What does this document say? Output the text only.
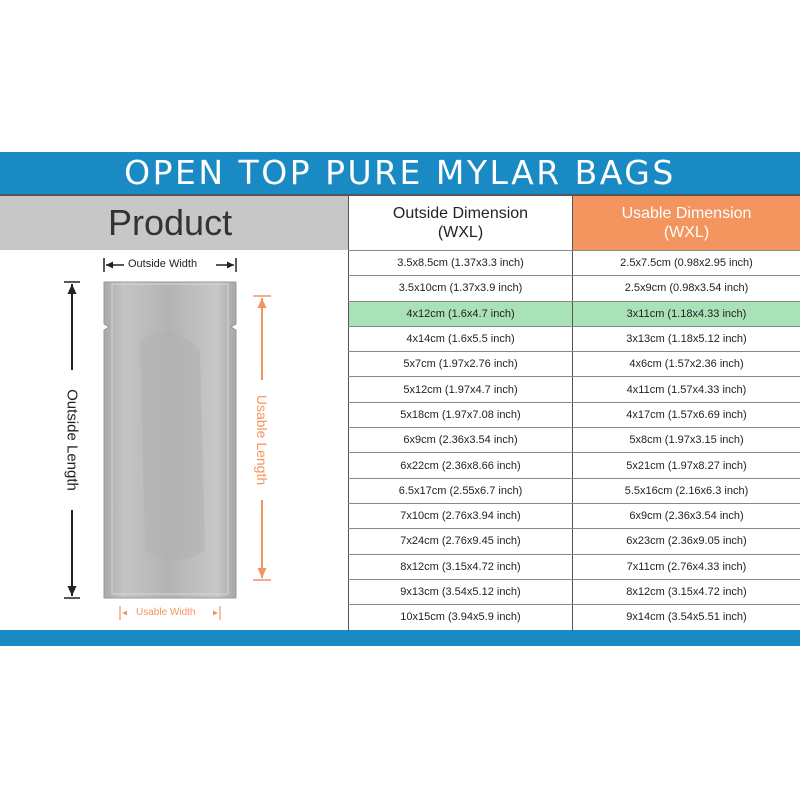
OPEN TOP PURE MYLAR BAGS
Product
Outside Width
Outside Length	Usable Length
Usable Width
Outside Dimension
(WXL)
Usable Dimension
(WXL)
3.5x8.5cm (1.37x3.3 inch)	2.5x7.5cm (0.98x2.95 inch)
3.5x10cm (1.37x3.9 inch)	2.5x9cm (0.98x3.54 inch)
4x12cm (1.6x4.7 inch)	3x11cm (1.18x4.33 inch)
4x14cm (1.6x5.5 inch)	3x13cm (1.18x5.12 inch)
5x7cm (1.97x2.76 inch)	4x6cm (1.57x2.36 inch)
5x12cm (1.97x4.7 inch)	4x11cm (1.57x4.33 inch)
5x18cm (1.97x7.08 inch)	4x17cm (1.57x6.69 inch)
6x9cm (2.36x3.54 inch)	5x8cm (1.97x3.15 inch)
6x22cm (2.36x8.66 inch)	5x21cm (1.97x8.27 inch)
6.5x17cm (2.55x6.7 inch)	5.5x16cm (2.16x6.3 inch)
7x10cm (2.76x3.94 inch)	6x9cm (2.36x3.54 inch)
7x24cm (2.76x9.45 inch)	6x23cm (2.36x9.05 inch)
8x12cm (3.15x4.72 inch)	7x11cm (2.76x4.33 inch)
9x13cm (3.54x5.12 inch)	8x12cm (3.15x4.72 inch)
10x15cm (3.94x5.9 inch)	9x14cm (3.54x5.51 inch)
